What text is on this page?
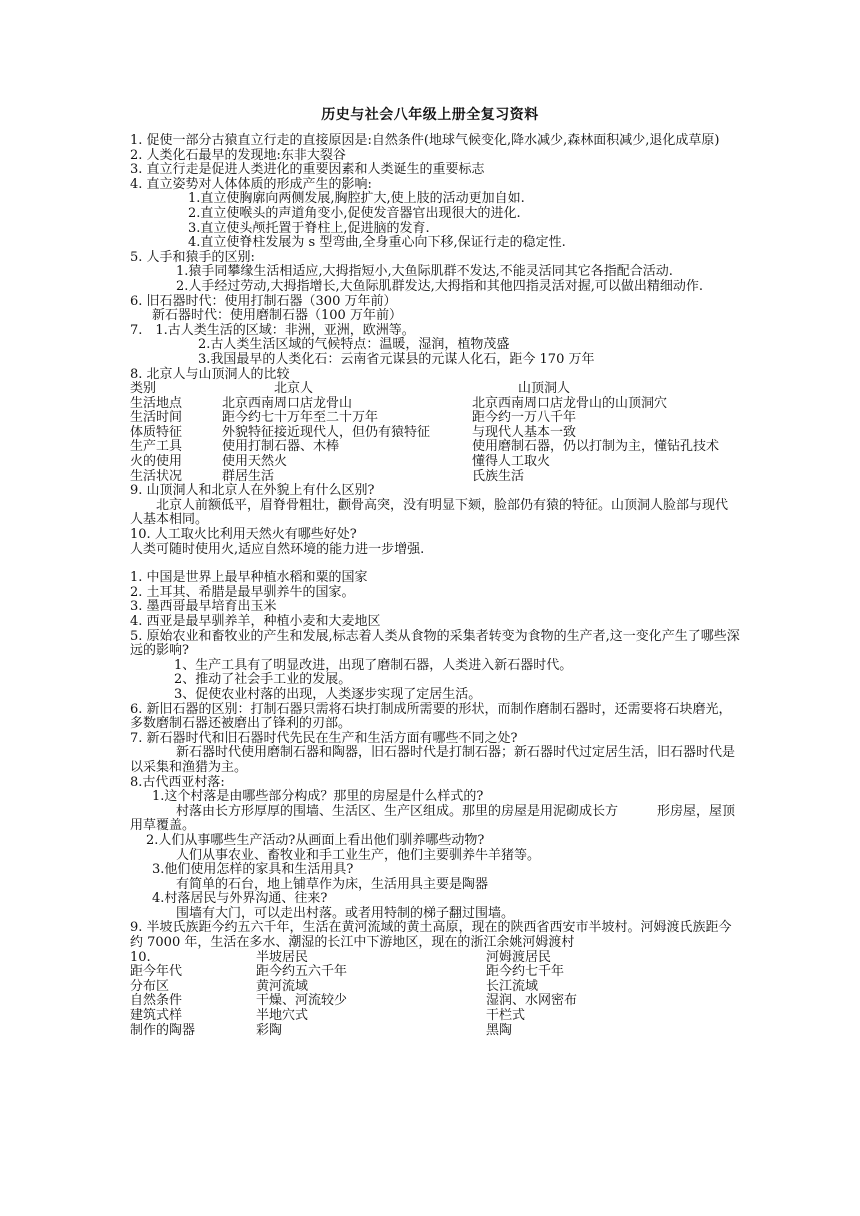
历史与社会八年级上册全复习资料
1. 促使一部分古猿直立行走的直接原因是:自然条件(地球气候变化,降水减少,森林面积减少,退化成草原)
2. 人类化石最早的发现地:东非大裂谷
3. 直立行走是促进人类进化的重要因素和人类诞生的重要标志
4. 直立姿势对人体体质的形成产生的影响:
1.直立使胸廓向两侧发展,胸腔扩大,使上肢的活动更加自如.
2.直立使喉头的声道角变小,促使发音器官出现很大的进化.
3.直立使头颅托置于脊柱上,促进脑的发育.
4.直立使脊柱发展为 s 型弯曲,全身重心向下移,保证行走的稳定性.
5. 人手和猿手的区别:
1.猿手同攀缘生活相适应,大拇指短小,大鱼际肌群不发达,不能灵活同其它各指配合活动.
2.人手经过劳动,大拇指增长,大鱼际肌群发达,大拇指和其他四指灵活对握,可以做出精细动作.
6. 旧石器时代：使用打制石器（300 万年前）
新石器时代：使用磨制石器（100 万年前）
7.　1.古人类生活的区域：非洲，亚洲，欧洲等。
2.古人类生活区域的气候特点：温暖，湿润，植物茂盛
3.我国最早的人类化石：云南省元谋县的元谋人化石，距今 170 万年
8. 北京人与山顶洞人的比较
类别	北京人	山顶洞人
生活地点	北京西南周口店龙骨山	北京西南周口店龙骨山的山顶洞穴
生活时间	距今约七十万年至二十万年	距今约一万八千年
体质特征	外貌特征接近现代人，但仍有猿特征	与现代人基本一致
生产工具	使用打制石器、木棒	使用磨制石器，仍以打制为主，懂钻孔技术
火的使用	使用天然火	懂得人工取火
生活状况	群居生活	氏族生活
9. 山顶洞人和北京人在外貌上有什么区别?
北京人前额低平，眉脊骨粗壮，颧骨高突，没有明显下颏，脸部仍有猿的特征。山顶洞人脸部与现代人基本相同。
10. 人工取火比利用天然火有哪些好处?
人类可随时使用火,适应自然环境的能力进一步增强.
1. 中国是世界上最早种植水稻和粟的国家
2. 土耳其、希腊是最早驯养牛的国家。
3. 墨西哥最早培育出玉米
4. 西亚是最早驯养羊，种植小麦和大麦地区
5. 原始农业和畜牧业的产生和发展,标志着人类从食物的采集者转变为食物的生产者,这一变化产生了哪些深远的影响?
1、生产工具有了明显改进，出现了磨制石器，人类进入新石器时代。
2、推动了社会手工业的发展。
3、促使农业村落的出现，人类逐步实现了定居生活。
6. 新旧石器的区别：打制石器只需将石块打制成所需要的形状，而制作磨制石器时，还需要将石块磨光，多数磨制石器还被磨出了锋利的刃部。
7. 新石器时代和旧石器时代先民在生产和生活方面有哪些不同之处?
新石器时代使用磨制石器和陶器，旧石器时代是打制石器；新石器时代过定居生活，旧石器时代是以采集和渔猎为主。
8.古代西亚村落:
1.这个村落是由哪些部分构成？那里的房屋是什么样式的?
村落由长方形厚厚的围墙、生活区、生产区组成。那里的房屋是用泥砌成长方　　　形房屋，屋顶用草覆盖。
2.人们从事哪些生产活动?从画面上看出他们驯养哪些动物?
人们从事农业、畜牧业和手工业生产，他们主要驯养牛羊猪等。
3.他们使用怎样的家具和生活用具?
有简单的石台，地上铺草作为床，生活用具主要是陶器
4.村落居民与外界沟通、往来?
围墙有大门，可以走出村落。或者用特制的梯子翻过围墙。
9. 半坡氏族距今约五六千年，生活在黄河流域的黄土高原，现在的陕西省西安市半坡村。河姆渡氏族距今约 7000 年，生活在多水、潮湿的长江中下游地区，现在的浙江余姚河姆渡村
10.	半坡居民	河姆渡居民
距今年代	距今约五六千年	距今约七千年
分布区	黄河流域	长江流域
自然条件	干燥、河流较少	湿润、水网密布
建筑式样	半地穴式	干栏式
制作的陶器	彩陶	黑陶
